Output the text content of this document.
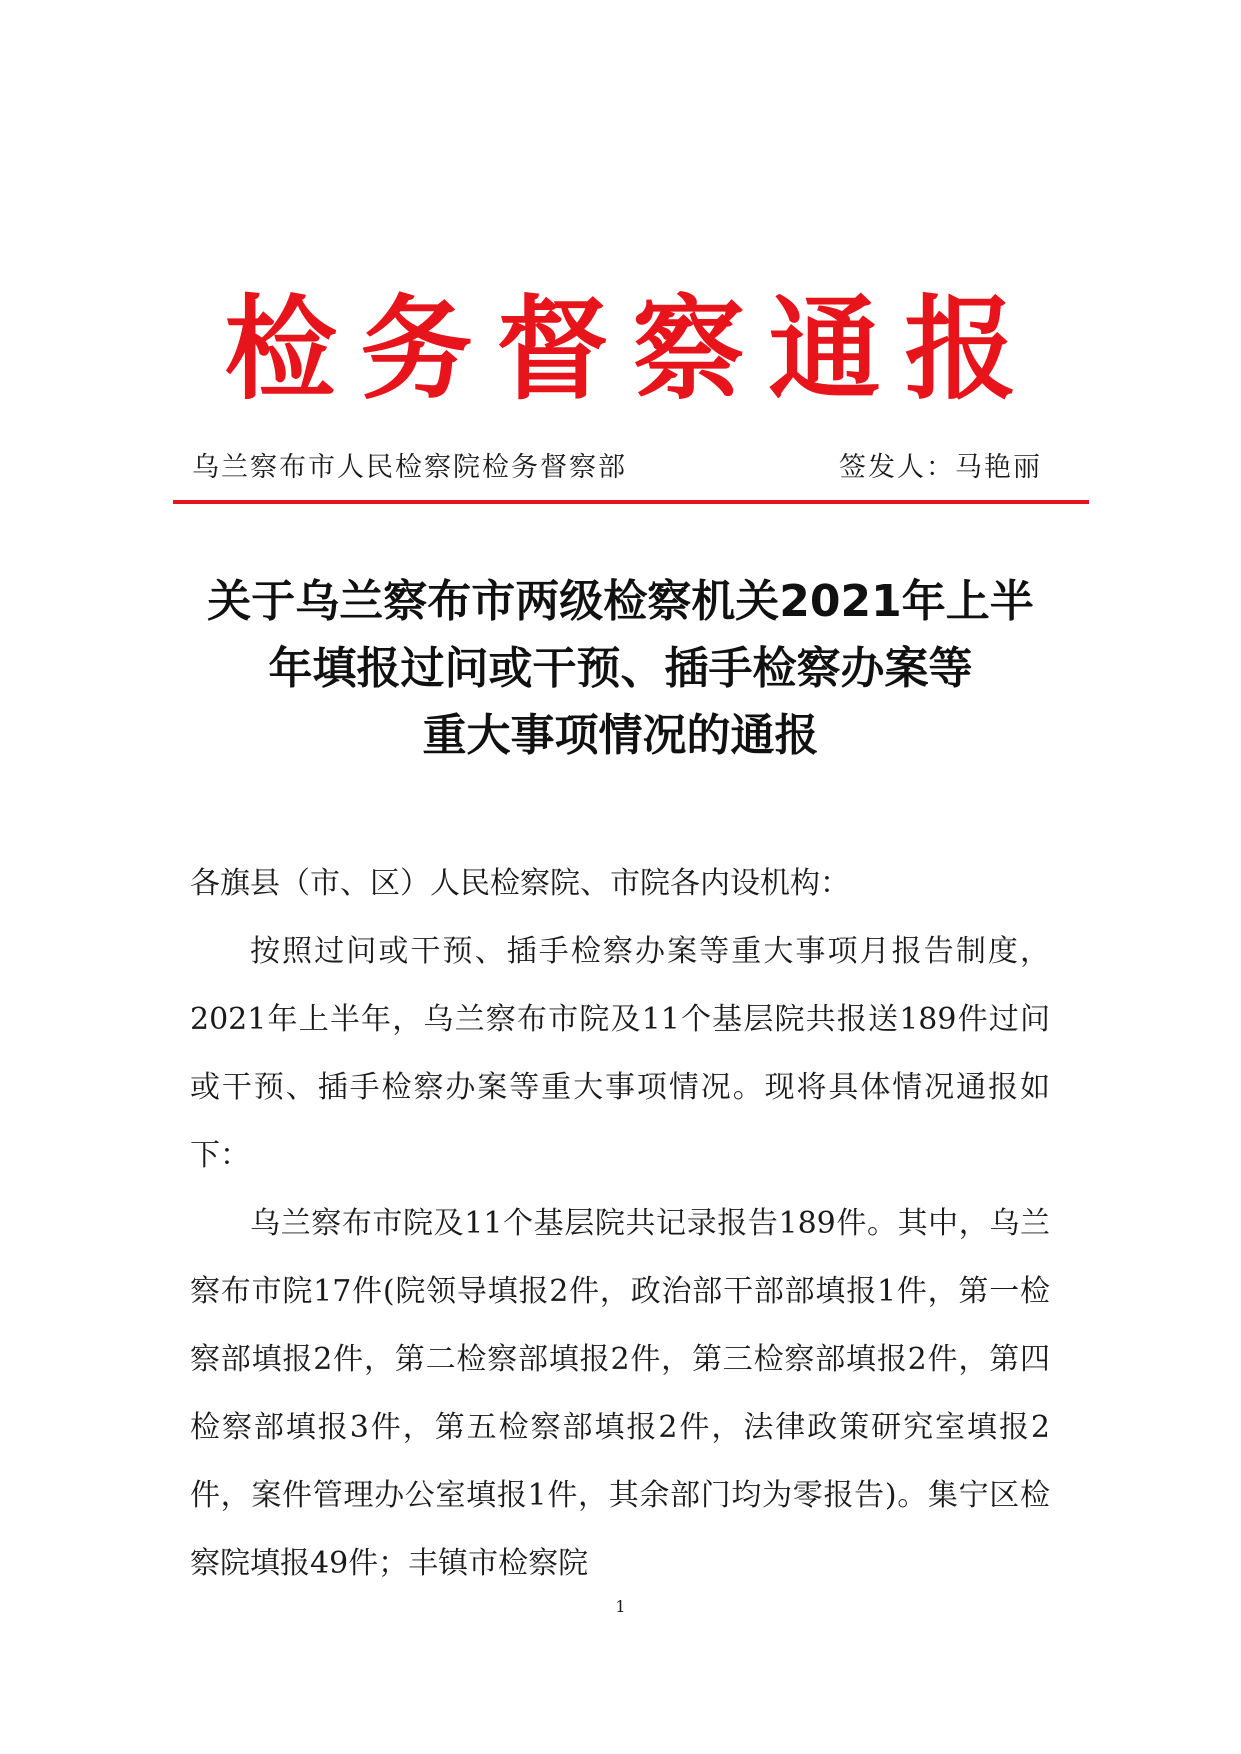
检务督察通报
乌兰察布市人民检察院检务督察部	签发人：马艳丽
关于乌兰察布市两级检察机关2021年上半
年填报过问或干预、插手检察办案等
重大事项情况的通报
各旗县（市、区）人民检察院、市院各内设机构：

按照过问或干预、插手检察办案等重大事项月报告制度，2021年上半年，乌兰察布市院及11个基层院共报送189件过问或干预、插手检察办案等重大事项情况。现将具体情况通报如下：

乌兰察布市院及11个基层院共记录报告189件。其中，乌兰察布市院17件(院领导填报2件，政治部干部部填报1件，第一检察部填报2件，第二检察部填报2件，第三检察部填报2件，第四检察部填报3件，第五检察部填报2件，法律政策研究室填报2件，案件管理办公室填报1件，其余部门均为零报告)。集宁区检察院填报49件；丰镇市检察院

1
